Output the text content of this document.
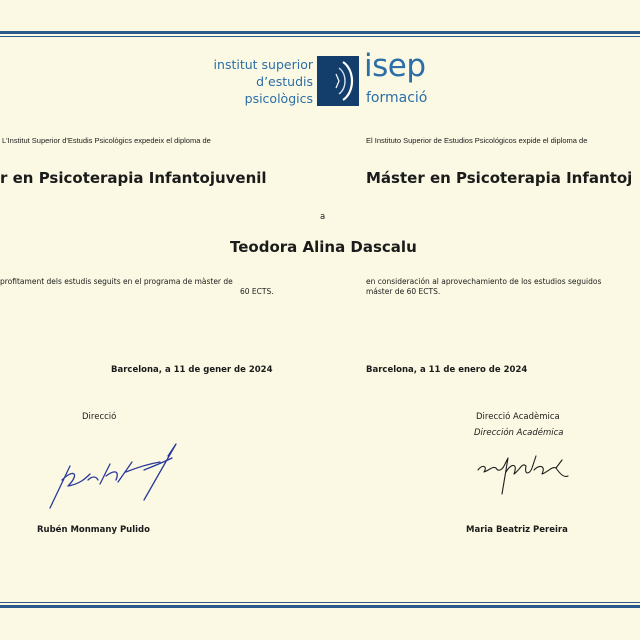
institut superior
d’estudis
psicològics
isep
formació
L'Institut Superior d'Estudis Psicològics expedeix el diploma de
r en Psicoterapia Infantojuvenil
profitament dels estudis seguits en el programa de màster de
60 ECTS.
Barcelona, a 11 de gener de 2024
Direcció
Rubén Monmany Pulido
a
Teodora Alina Dascalu
El Instituto Superior de Estudios Psicológicos expide el diploma de
Máster en Psicoterapia Infantoj
en consideración al aprovechamiento de los estudios seguidos
máster de 60 ECTS.
Barcelona, a 11 de enero de 2024
Direcció Acadèmica
Dirección Académica
Maria Beatriz Pereira
